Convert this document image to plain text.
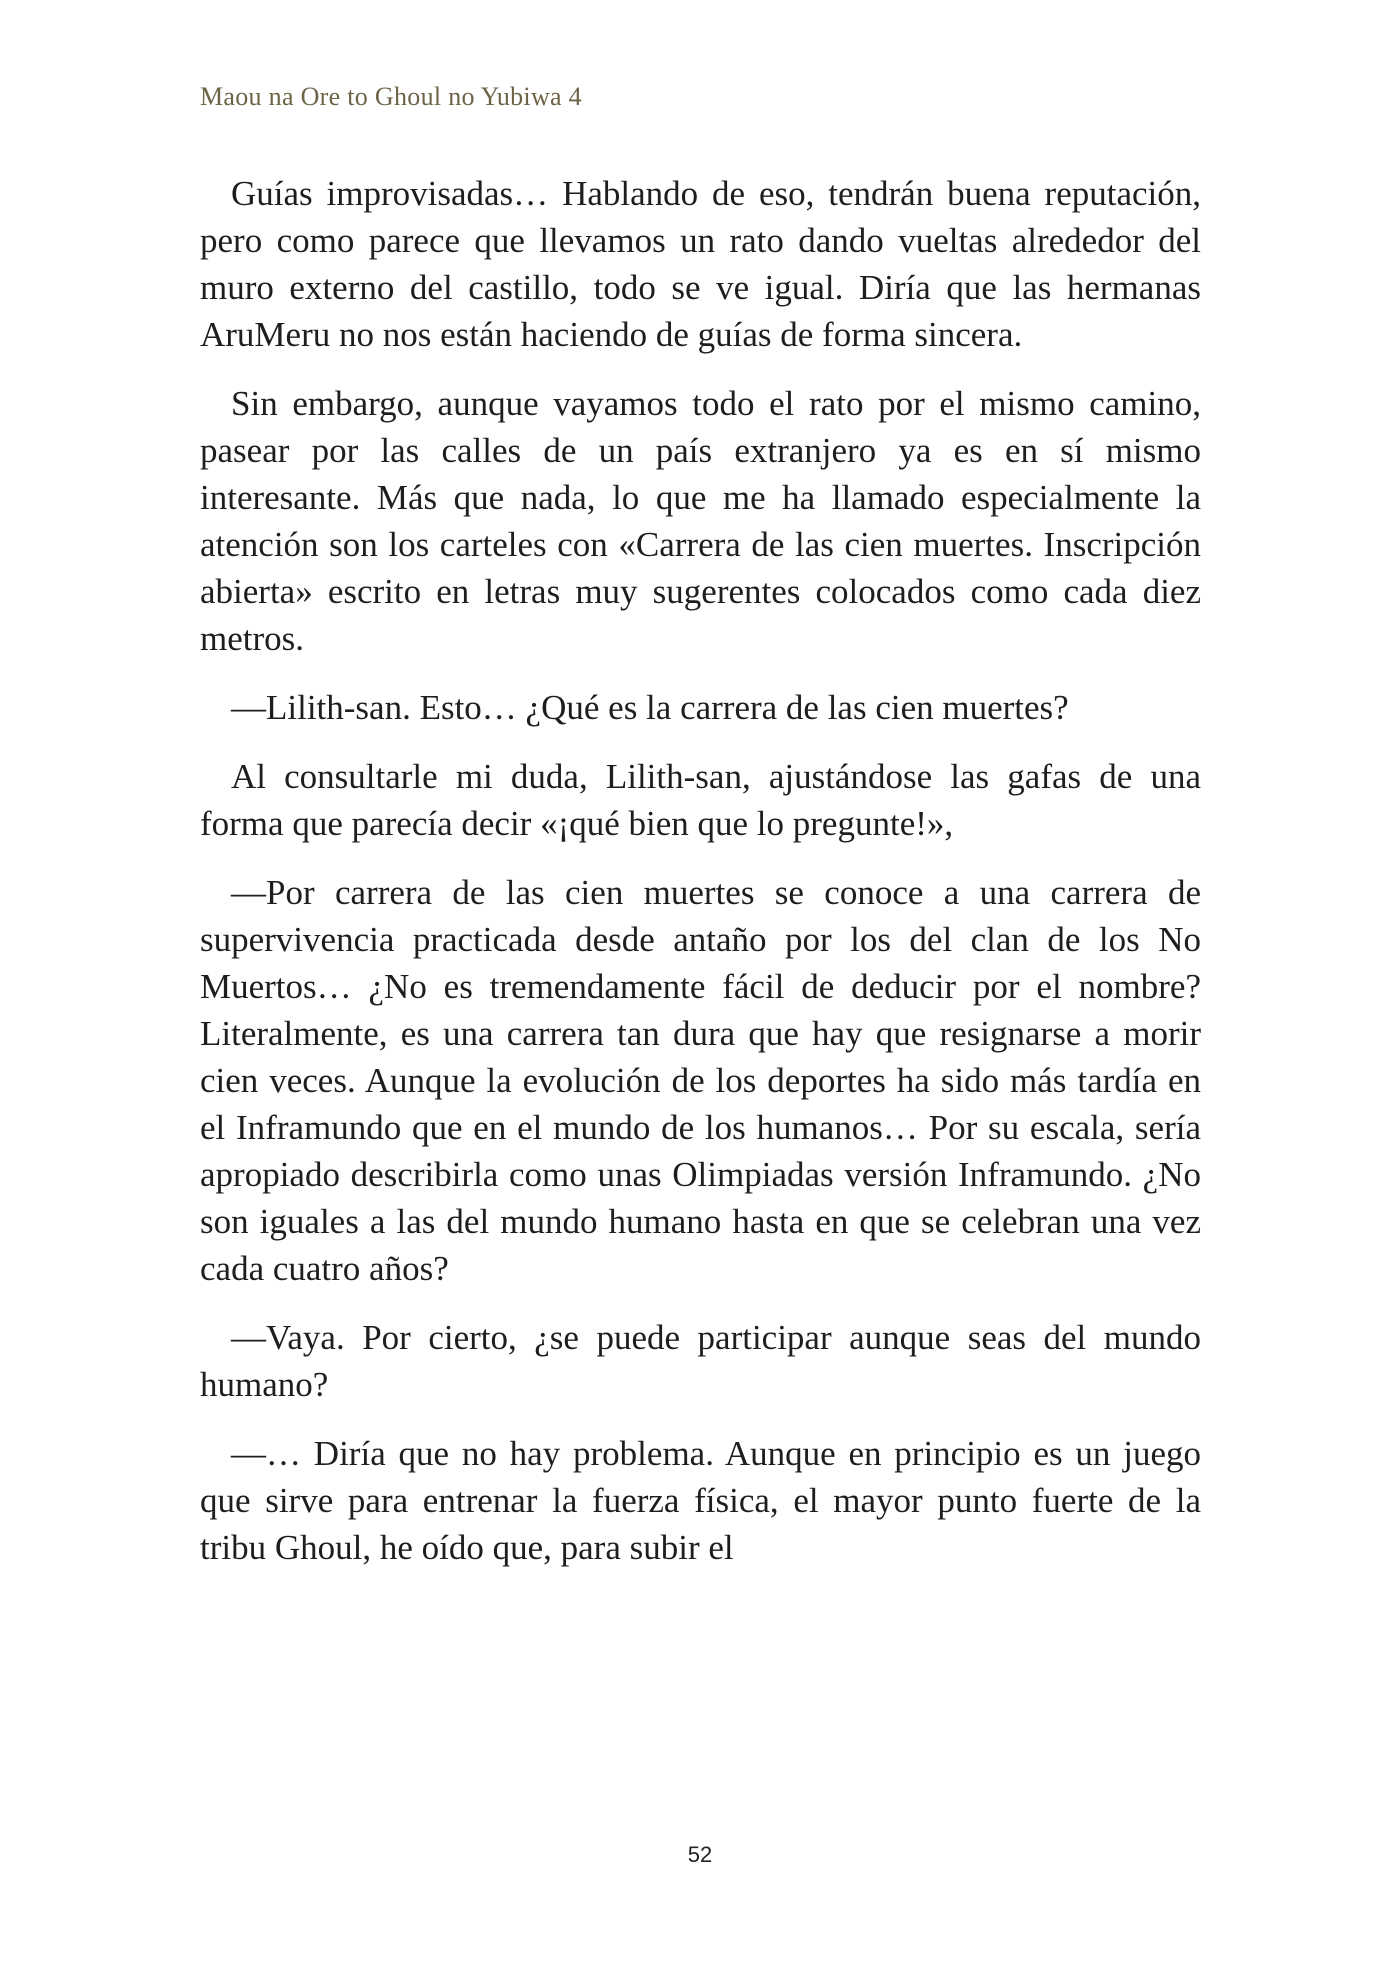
Maou na Ore to Ghoul no Yubiwa 4

Guías improvisadas… Hablando de eso, tendrán buena reputación, pero como parece que llevamos un rato dando vueltas alrededor del muro externo del castillo, todo se ve igual. Diría que las hermanas AruMeru no nos están haciendo de guías de forma sincera.

Sin embargo, aunque vayamos todo el rato por el mismo camino, pasear por las calles de un país extranjero ya es en sí mismo interesante. Más que nada, lo que me ha llamado especialmente la atención son los carteles con «Carrera de las cien muertes. Inscripción abierta» escrito en letras muy sugerentes colocados como cada diez metros.

—Lilith-san. Esto… ¿Qué es la carrera de las cien muertes?

Al consultarle mi duda, Lilith-san, ajustándose las gafas de una forma que parecía decir «¡qué bien que lo pregunte!»,

—Por carrera de las cien muertes se conoce a una carrera de supervivencia practicada desde antaño por los del clan de los No Muertos… ¿No es tremendamente fácil de deducir por el nombre? Literalmente, es una carrera tan dura que hay que resignarse a morir cien veces. Aunque la evolución de los deportes ha sido más tardía en el Inframundo que en el mundo de los humanos… Por su escala, sería apropiado describirla como unas Olimpiadas versión Inframundo. ¿No son iguales a las del mundo humano hasta en que se celebran una vez cada cuatro años?

—Vaya. Por cierto, ¿se puede participar aunque seas del mundo humano?

—… Diría que no hay problema. Aunque en principio es un juego que sirve para entrenar la fuerza física, el mayor punto fuerte de la tribu Ghoul, he oído que, para subir el

52
